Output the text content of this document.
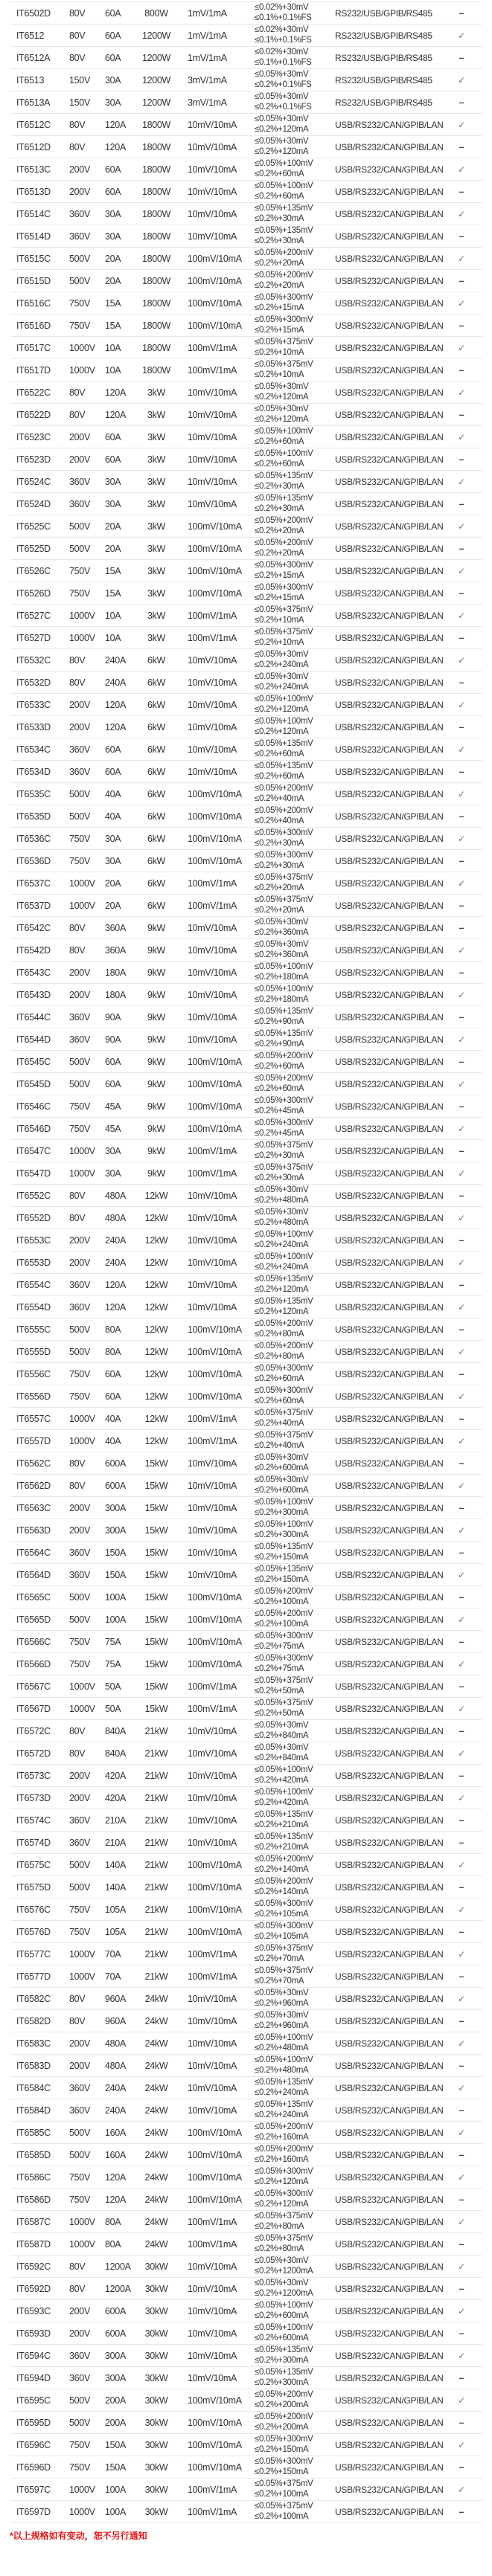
IT6502D	80V	60A	800W	1mV/1mA
≤0.02%+30mV
≤0.1%+0.1%FS	RS232/USB/GPIB/RS485	–
IT6512	80V	60A	1200W	1mV/1mA
≤0.02%+30mV
≤0.1%+0.1%FS	RS232/USB/GPIB/RS485	✓
IT6512A	80V	60A	1200W	1mV/1mA
≤0.02%+30mV
≤0.1%+0.1%FS	RS232/USB/GPIB/RS485	–
IT6513	150V	30A	1200W	3mV/1mA
≤0.05%+30mV
≤0.2%+0.1%FS	RS232/USB/GPIB/RS485	✓
IT6513A	150V	30A	1200W	3mV/1mA
≤0.05%+30mV
≤0.2%+0.1%FS	RS232/USB/GPIB/RS485	–
IT6512C	80V	120A	1800W	10mV/10mA
≤0.05%+30mV
≤0.2%+120mA	USB/RS232/CAN/GPIB/LAN	✓
IT6512D	80V	120A	1800W	10mV/10mA
≤0.05%+30mV
≤0.2%+120mA	USB/RS232/CAN/GPIB/LAN	–
IT6513C	200V	60A	1800W	10mV/10mA
≤0.05%+100mV
≤0.2%+60mA	USB/RS232/CAN/GPIB/LAN	✓
IT6513D	200V	60A	1800W	10mV/10mA
≤0.05%+100mV
≤0.2%+60mA	USB/RS232/CAN/GPIB/LAN	–
IT6514C	360V	30A	1800W	10mV/10mA
≤0.05%+135mV
≤0.2%+30mA	USB/RS232/CAN/GPIB/LAN	✓
IT6514D	360V	30A	1800W	10mV/10mA
≤0.05%+135mV
≤0.2%+30mA	USB/RS232/CAN/GPIB/LAN	–
IT6515C	500V	20A	1800W	100mV/10mA
≤0.05%+200mV
≤0.2%+20mA	USB/RS232/CAN/GPIB/LAN	✓
IT6515D	500V	20A	1800W	100mV/10mA
≤0.05%+200mV
≤0.2%+20mA	USB/RS232/CAN/GPIB/LAN	–
IT6516C	750V	15A	1800W	100mV/10mA
≤0.05%+300mV
≤0.2%+15mA	USB/RS232/CAN/GPIB/LAN	✓
IT6516D	750V	15A	1800W	100mV/10mA
≤0.05%+300mV
≤0.2%+15mA	USB/RS232/CAN/GPIB/LAN	–
IT6517C	1000V	10A	1800W	100mV/1mA
≤0.05%+375mV
≤0.2%+10mA	USB/RS232/CAN/GPIB/LAN	✓
IT6517D	1000V	10A	1800W	100mV/1mA
≤0.05%+375mV
≤0.2%+10mA	USB/RS232/CAN/GPIB/LAN	–
IT6522C	80V	120A	3kW	10mV/10mA
≤0.05%+30mV
≤0.2%+120mA	USB/RS232/CAN/GPIB/LAN	✓
IT6522D	80V	120A	3kW	10mV/10mA
≤0.05%+30mV
≤0.2%+120mA	USB/RS232/CAN/GPIB/LAN	–
IT6523C	200V	60A	3kW	10mV/10mA
≤0.05%+100mV
≤0.2%+60mA	USB/RS232/CAN/GPIB/LAN	✓
IT6523D	200V	60A	3kW	10mV/10mA
≤0.05%+100mV
≤0.2%+60mA	USB/RS232/CAN/GPIB/LAN	–
IT6524C	360V	30A	3kW	10mV/10mA
≤0.05%+135mV
≤0.2%+30mA	USB/RS232/CAN/GPIB/LAN	✓
IT6524D	360V	30A	3kW	10mV/10mA
≤0.05%+135mV
≤0.2%+30mA	USB/RS232/CAN/GPIB/LAN	–
IT6525C	500V	20A	3kW	100mV/10mA
≤0.05%+200mV
≤0.2%+20mA	USB/RS232/CAN/GPIB/LAN	✓
IT6525D	500V	20A	3kW	100mV/10mA
≤0.05%+200mV
≤0.2%+20mA	USB/RS232/CAN/GPIB/LAN	–
IT6526C	750V	15A	3kW	100mV/10mA
≤0.05%+300mV
≤0.2%+15mA	USB/RS232/CAN/GPIB/LAN	✓
IT6526D	750V	15A	3kW	100mV/10mA
≤0.05%+300mV
≤0.2%+15mA	USB/RS232/CAN/GPIB/LAN	–
IT6527C	1000V	10A	3kW	100mV/1mA
≤0.05%+375mV
≤0.2%+10mA	USB/RS232/CAN/GPIB/LAN	✓
IT6527D	1000V	10A	3kW	100mV/1mA
≤0.05%+375mV
≤0.2%+10mA	USB/RS232/CAN/GPIB/LAN	–
IT6532C	80V	240A	6kW	10mV/10mA
≤0.05%+30mV
≤0.2%+240mA	USB/RS232/CAN/GPIB/LAN	✓
IT6532D	80V	240A	6kW	10mV/10mA
≤0.05%+30mV
≤0.2%+240mA	USB/RS232/CAN/GPIB/LAN	–
IT6533C	200V	120A	6kW	10mV/10mA
≤0.05%+100mV
≤0.2%+120mA	USB/RS232/CAN/GPIB/LAN	✓
IT6533D	200V	120A	6kW	10mV/10mA
≤0.05%+100mV
≤0.2%+120mA	USB/RS232/CAN/GPIB/LAN	–
IT6534C	360V	60A	6kW	10mV/10mA
≤0.05%+135mV
≤0.2%+60mA	USB/RS232/CAN/GPIB/LAN	✓
IT6534D	360V	60A	6kW	10mV/10mA
≤0.05%+135mV
≤0.2%+60mA	USB/RS232/CAN/GPIB/LAN	–
IT6535C	500V	40A	6kW	100mV/10mA
≤0.05%+200mV
≤0.2%+40mA	USB/RS232/CAN/GPIB/LAN	✓
IT6535D	500V	40A	6kW	100mV/10mA
≤0.05%+200mV
≤0.2%+40mA	USB/RS232/CAN/GPIB/LAN	–
IT6536C	750V	30A	6kW	100mV/10mA
≤0.05%+300mV
≤0.2%+30mA	USB/RS232/CAN/GPIB/LAN	✓
IT6536D	750V	30A	6kW	100mV/10mA
≤0.05%+300mV
≤0.2%+30mA	USB/RS232/CAN/GPIB/LAN	–
IT6537C	1000V	20A	6kW	100mV/1mA
≤0.05%+375mV
≤0.2%+20mA	USB/RS232/CAN/GPIB/LAN	✓
IT6537D	1000V	20A	6kW	100mV/1mA
≤0.05%+375mV
≤0.2%+20mA	USB/RS232/CAN/GPIB/LAN	–
IT6542C	80V	360A	9kW	10mV/10mA
≤0.05%+30mV
≤0.2%+360mA	USB/RS232/CAN/GPIB/LAN	–
IT6542D	80V	360A	9kW	10mV/10mA
≤0.05%+30mV
≤0.2%+360mA	USB/RS232/CAN/GPIB/LAN	✓
IT6543C	200V	180A	9kW	10mV/10mA
≤0.05%+100mV
≤0.2%+180mA	USB/RS232/CAN/GPIB/LAN	–
IT6543D	200V	180A	9kW	10mV/10mA
≤0.05%+100mV
≤0.2%+180mA	USB/RS232/CAN/GPIB/LAN	✓
IT6544C	360V	90A	9kW	10mV/10mA
≤0.05%+135mV
≤0.2%+90mA	USB/RS232/CAN/GPIB/LAN	–
IT6544D	360V	90A	9kW	10mV/10mA
≤0.05%+135mV
≤0.2%+90mA	USB/RS232/CAN/GPIB/LAN	✓
IT6545C	500V	60A	9kW	100mV/10mA
≤0.05%+200mV
≤0.2%+60mA	USB/RS232/CAN/GPIB/LAN	–
IT6545D	500V	60A	9kW	100mV/10mA
≤0.05%+200mV
≤0.2%+60mA	USB/RS232/CAN/GPIB/LAN	✓
IT6546C	750V	45A	9kW	100mV/10mA
≤0.05%+300mV
≤0.2%+45mA	USB/RS232/CAN/GPIB/LAN	–
IT6546D	750V	45A	9kW	100mV/10mA
≤0.05%+300mV
≤0.2%+45mA	USB/RS232/CAN/GPIB/LAN	✓
IT6547C	1000V	30A	9kW	100mV/1mA
≤0.05%+375mV
≤0.2%+30mA	USB/RS232/CAN/GPIB/LAN	–
IT6547D	1000V	30A	9kW	100mV/1mA
≤0.05%+375mV
≤0.2%+30mA	USB/RS232/CAN/GPIB/LAN	✓
IT6552C	80V	480A	12kW	10mV/10mA
≤0.05%+30mV
≤0.2%+480mA	USB/RS232/CAN/GPIB/LAN	–
IT6552D	80V	480A	12kW	10mV/10mA
≤0.05%+30mV
≤0.2%+480mA	USB/RS232/CAN/GPIB/LAN	✓
IT6553C	200V	240A	12kW	10mV/10mA
≤0.05%+100mV
≤0.2%+240mA	USB/RS232/CAN/GPIB/LAN	–
IT6553D	200V	240A	12kW	10mV/10mA
≤0.05%+100mV
≤0.2%+240mA	USB/RS232/CAN/GPIB/LAN	✓
IT6554C	360V	120A	12kW	10mV/10mA
≤0.05%+135mV
≤0.2%+120mA	USB/RS232/CAN/GPIB/LAN	–
IT6554D	360V	120A	12kW	10mV/10mA
≤0.05%+135mV
≤0.2%+120mA	USB/RS232/CAN/GPIB/LAN	✓
IT6555C	500V	80A	12kW	100mV/10mA
≤0.05%+200mV
≤0.2%+80mA	USB/RS232/CAN/GPIB/LAN	–
IT6555D	500V	80A	12kW	100mV/10mA
≤0.05%+200mV
≤0.2%+80mA	USB/RS232/CAN/GPIB/LAN	✓
IT6556C	750V	60A	12kW	100mV/10mA
≤0.05%+300mV
≤0.2%+60mA	USB/RS232/CAN/GPIB/LAN	–
IT6556D	750V	60A	12kW	100mV/10mA
≤0.05%+300mV
≤0.2%+60mA	USB/RS232/CAN/GPIB/LAN	✓
IT6557C	1000V	40A	12kW	100mV/1mA
≤0.05%+375mV
≤0.2%+40mA	USB/RS232/CAN/GPIB/LAN	–
IT6557D	1000V	40A	12kW	100mV/1mA
≤0.05%+375mV
≤0.2%+40mA	USB/RS232/CAN/GPIB/LAN	✓
IT6562C	80V	600A	15kW	10mV/10mA
≤0.05%+30mV
≤0.2%+600mA	USB/RS232/CAN/GPIB/LAN	–
IT6562D	80V	600A	15kW	10mV/10mA
≤0.05%+30mV
≤0.2%+600mA	USB/RS232/CAN/GPIB/LAN	✓
IT6563C	200V	300A	15kW	10mV/10mA
≤0.05%+100mV
≤0.2%+300mA	USB/RS232/CAN/GPIB/LAN	–
IT6563D	200V	300A	15kW	10mV/10mA
≤0.05%+100mV
≤0.2%+300mA	USB/RS232/CAN/GPIB/LAN	✓
IT6564C	360V	150A	15kW	10mV/10mA
≤0.05%+135mV
≤0.2%+150mA	USB/RS232/CAN/GPIB/LAN	–
IT6564D	360V	150A	15kW	10mV/10mA
≤0.05%+135mV
≤0.2%+150mA	USB/RS232/CAN/GPIB/LAN	✓
IT6565C	500V	100A	15kW	100mV/10mA
≤0.05%+200mV
≤0.2%+100mA	USB/RS232/CAN/GPIB/LAN	–
IT6565D	500V	100A	15kW	100mV/10mA
≤0.05%+200mV
≤0.2%+100mA	USB/RS232/CAN/GPIB/LAN	✓
IT6566C	750V	75A	15kW	100mV/10mA
≤0.05%+300mV
≤0.2%+75mA	USB/RS232/CAN/GPIB/LAN	–
IT6566D	750V	75A	15kW	100mV/10mA
≤0.05%+300mV
≤0.2%+75mA	USB/RS232/CAN/GPIB/LAN	✓
IT6567C	1000V	50A	15kW	100mV/1mA
≤0.05%+375mV
≤0.2%+50mA	USB/RS232/CAN/GPIB/LAN	–
IT6567D	1000V	50A	15kW	100mV/1mA
≤0.05%+375mV
≤0.2%+50mA	USB/RS232/CAN/GPIB/LAN	✓
IT6572C	80V	840A	21kW	10mV/10mA
≤0.05%+30mV
≤0.2%+840mA	USB/RS232/CAN/GPIB/LAN	–
IT6572D	80V	840A	21kW	10mV/10mA
≤0.05%+30mV
≤0.2%+840mA	USB/RS232/CAN/GPIB/LAN	✓
IT6573C	200V	420A	21kW	10mV/10mA
≤0.05%+100mV
≤0.2%+420mA	USB/RS232/CAN/GPIB/LAN	–
IT6573D	200V	420A	21kW	10mV/10mA
≤0.05%+100mV
≤0.2%+420mA	USB/RS232/CAN/GPIB/LAN	✓
IT6574C	360V	210A	21kW	10mV/10mA
≤0.05%+135mV
≤0.2%+210mA	USB/RS232/CAN/GPIB/LAN	–
IT6574D	360V	210A	21kW	10mV/10mA
≤0.05%+135mV
≤0.2%+210mA	USB/RS232/CAN/GPIB/LAN	–
IT6575C	500V	140A	21kW	100mV/10mA
≤0.05%+200mV
≤0.2%+140mA	USB/RS232/CAN/GPIB/LAN	✓
IT6575D	500V	140A	21kW	100mV/10mA
≤0.05%+200mV
≤0.2%+140mA	USB/RS232/CAN/GPIB/LAN	–
IT6576C	750V	105A	21kW	100mV/10mA
≤0.05%+300mV
≤0.2%+105mA	USB/RS232/CAN/GPIB/LAN	✓
IT6576D	750V	105A	21kW	100mV/10mA
≤0.05%+300mV
≤0.2%+105mA	USB/RS232/CAN/GPIB/LAN	–
IT6577C	1000V	70A	21kW	100mV/1mA
≤0.05%+375mV
≤0.2%+70mA	USB/RS232/CAN/GPIB/LAN	✓
IT6577D	1000V	70A	21kW	100mV/1mA
≤0.05%+375mV
≤0.2%+70mA	USB/RS232/CAN/GPIB/LAN	–
IT6582C	80V	960A	24kW	10mV/10mA
≤0.05%+30mV
≤0.2%+960mA	USB/RS232/CAN/GPIB/LAN	✓
IT6582D	80V	960A	24kW	10mV/10mA
≤0.05%+30mV
≤0.2%+960mA	USB/RS232/CAN/GPIB/LAN	–
IT6583C	200V	480A	24kW	10mV/10mA
≤0.05%+100mV
≤0.2%+480mA	USB/RS232/CAN/GPIB/LAN	✓
IT6583D	200V	480A	24kW	10mV/10mA
≤0.05%+100mV
≤0.2%+480mA	USB/RS232/CAN/GPIB/LAN	–
IT6584C	360V	240A	24kW	10mV/10mA
≤0.05%+135mV
≤0.2%+240mA	USB/RS232/CAN/GPIB/LAN	✓
IT6584D	360V	240A	24kW	10mV/10mA
≤0.05%+135mV
≤0.2%+240mA	USB/RS232/CAN/GPIB/LAN	–
IT6585C	500V	160A	24kW	100mV/10mA
≤0.05%+200mV
≤0.2%+160mA	USB/RS232/CAN/GPIB/LAN	✓
IT6585D	500V	160A	24kW	100mV/10mA
≤0.05%+200mV
≤0.2%+160mA	USB/RS232/CAN/GPIB/LAN	–
IT6586C	750V	120A	24kW	100mV/10mA
≤0.05%+300mV
≤0.2%+120mA	USB/RS232/CAN/GPIB/LAN	✓
IT6586D	750V	120A	24kW	100mV/10mA
≤0.05%+300mV
≤0.2%+120mA	USB/RS232/CAN/GPIB/LAN	–
IT6587C	1000V	80A	24kW	100mV/1mA
≤0.05%+375mV
≤0.2%+80mA	USB/RS232/CAN/GPIB/LAN	✓
IT6587D	1000V	80A	24kW	100mV/1mA
≤0.05%+375mV
≤0.2%+80mA	USB/RS232/CAN/GPIB/LAN	–
IT6592C	80V	1200A	30kW	10mV/10mA
≤0.05%+30mV
≤0.2%+1200mA	USB/RS232/CAN/GPIB/LAN	✓
IT6592D	80V	1200A	30kW	10mV/10mA
≤0.05%+30mV
≤0.2%+1200mA	USB/RS232/CAN/GPIB/LAN	–
IT6593C	200V	600A	30kW	10mV/10mA
≤0.05%+100mV
≤0.2%+600mA	USB/RS232/CAN/GPIB/LAN	✓
IT6593D	200V	600A	30kW	10mV/10mA
≤0.05%+100mV
≤0.2%+600mA	USB/RS232/CAN/GPIB/LAN	–
IT6594C	360V	300A	30kW	10mV/10mA
≤0.05%+135mV
≤0.2%+300mA	USB/RS232/CAN/GPIB/LAN	✓
IT6594D	360V	300A	30kW	10mV/10mA
≤0.05%+135mV
≤0.2%+300mA	USB/RS232/CAN/GPIB/LAN	–
IT6595C	500V	200A	30kW	100mV/10mA
≤0.05%+200mV
≤0.2%+200mA	USB/RS232/CAN/GPIB/LAN	✓
IT6595D	500V	200A	30kW	100mV/10mA
≤0.05%+200mV
≤0.2%+200mA	USB/RS232/CAN/GPIB/LAN	–
IT6596C	750V	150A	30kW	100mV/10mA
≤0.05%+300mV
≤0.2%+150mA	USB/RS232/CAN/GPIB/LAN	✓
IT6596D	750V	150A	30kW	100mV/10mA
≤0.05%+300mV
≤0.2%+150mA	USB/RS232/CAN/GPIB/LAN	–
IT6597C	1000V	100A	30kW	100mV/1mA
≤0.05%+375mV
≤0.2%+100mA	USB/RS232/CAN/GPIB/LAN	✓
IT6597D	1000V	100A	30kW	100mV/1mA
≤0.05%+375mV
≤0.2%+100mA	USB/RS232/CAN/GPIB/LAN	–
*以上规格如有变动，恕不另行通知
